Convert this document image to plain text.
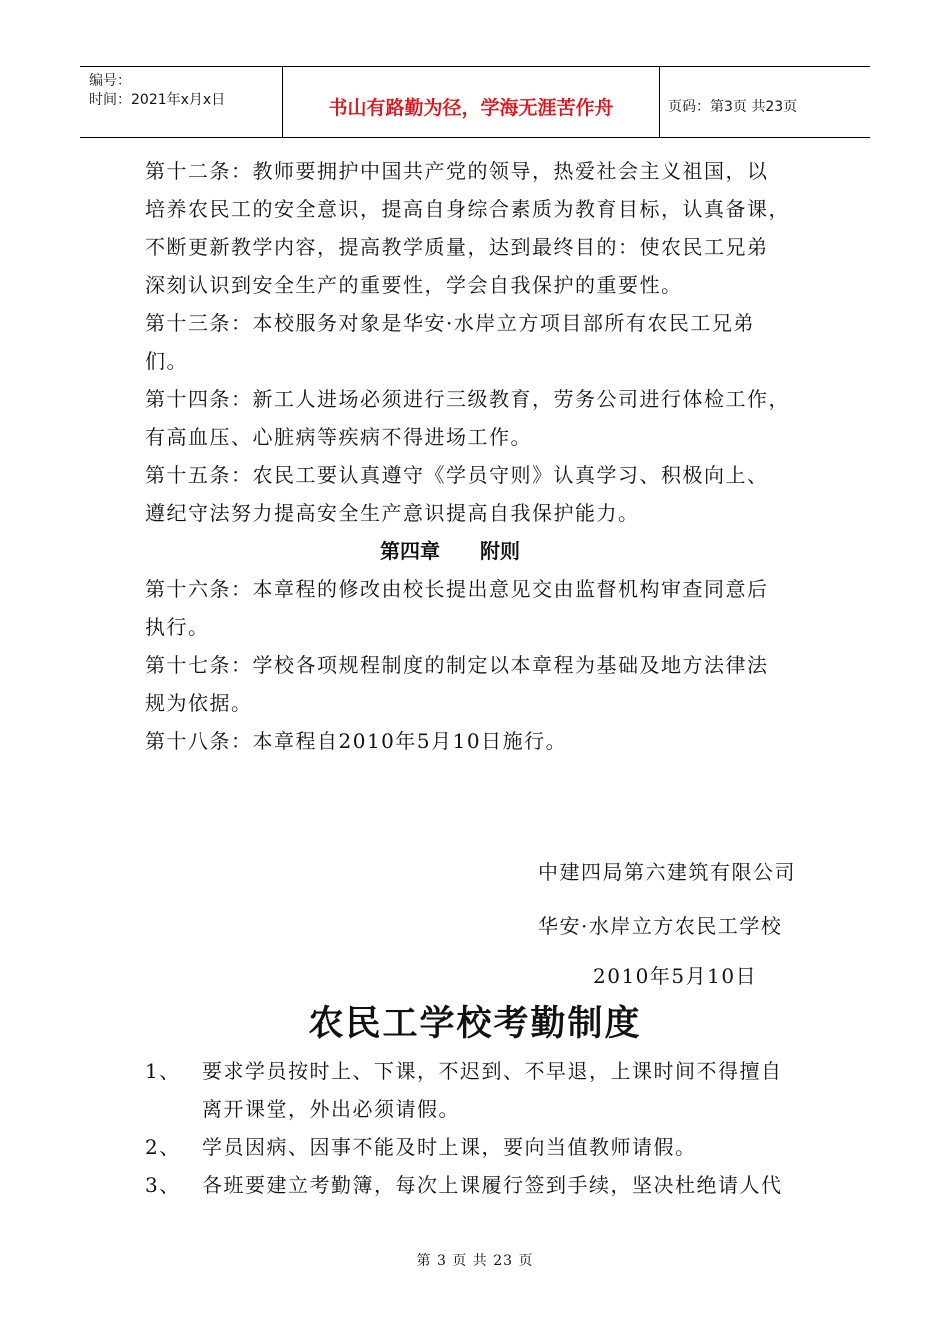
编号：
时间：2021年x月x日	书山有路勤为径，学海无涯苦作舟	页码：第3页 共23页
第十二条：教师要拥护中国共产党的领导，热爱社会主义祖国，以
培养农民工的安全意识，提高自身综合素质为教育目标，认真备课，
不断更新教学内容，提高教学质量，达到最终目的：使农民工兄弟
深刻认识到安全生产的重要性，学会自我保护的重要性。
第十三条：本校服务对象是华安·水岸立方项目部所有农民工兄弟
们。
第十四条：新工人进场必须进行三级教育，劳务公司进行体检工作，
有高血压、心脏病等疾病不得进场工作。
第十五条：农民工要认真遵守《学员守则》认真学习、积极向上、
遵纪守法努力提高安全生产意识提高自我保护能力。
第四章　　附则
第十六条：本章程的修改由校长提出意见交由监督机构审查同意后
执行。
第十七条：学校各项规程制度的制定以本章程为基础及地方法律法
规为依据。
第十八条：本章程自2010年5月10日施行。
中建四局第六建筑有限公司
华安·水岸立方农民工学校
2010年5月10日
农民工学校考勤制度
1、	要求学员按时上、下课，不迟到、不早退，上课时间不得擅自
离开课堂，外出必须请假。
2、	学员因病、因事不能及时上课，要向当值教师请假。
3、	各班要建立考勤簿，每次上课履行签到手续，坚决杜绝请人代
第 3 页 共 23 页
